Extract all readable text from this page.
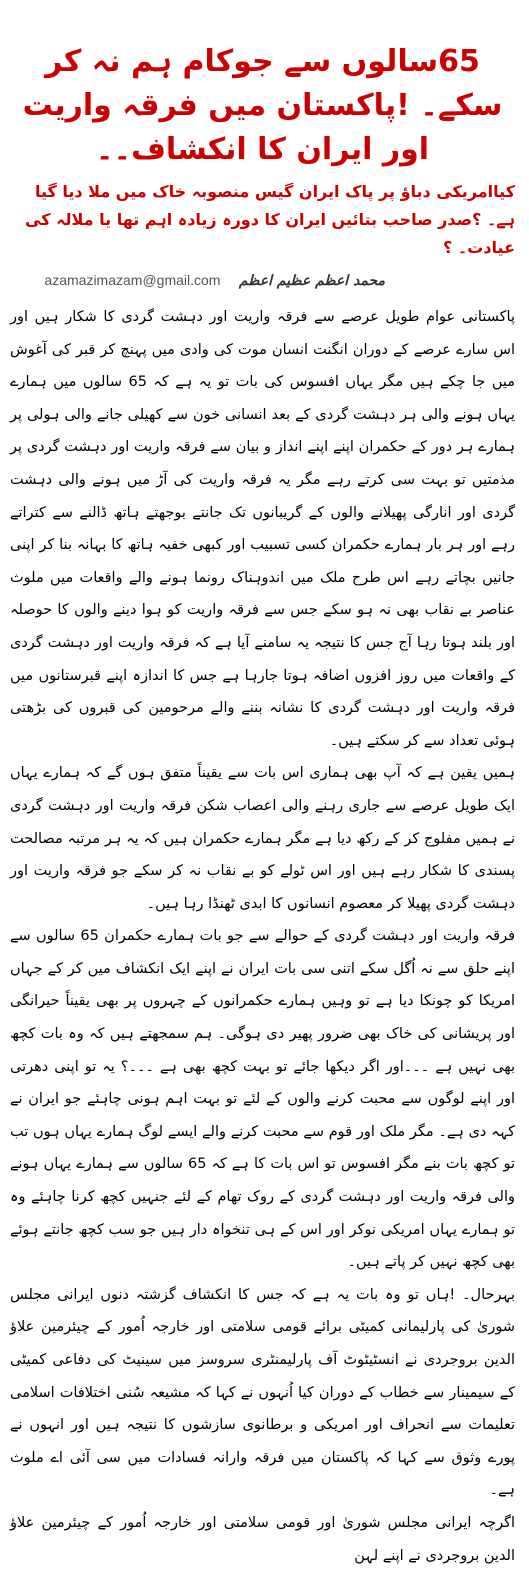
65سالوں سے جوکام ہم نہ کر سکے۔ !پاکستان میں فرقہ واریت اور ایران کا انکشاف۔۔
کیاامریکی دباؤ پر پاک ایران گیس منصوبہ خاک میں ملا دیا گیا ہے۔ ؟صدر صاحب بتائیں ایران کا دورہ زیادہ اہم تھا یا ملالہ کی عیادت۔ ؟
محمد اعظم عظیم اعظم azamazimazam@gmail.com

پاکستانی عوام طویل عرصے سے فرقہ واریت اور دہشت گردی کا شکار ہیں اور اس سارے عرصے کے دوران انگنت انسان موت کی وادی میں پہنچ کر قبر کی آغوش میں جا چکے ہیں مگر یہاں افسوس کی بات تو یہ ہے کہ 65 سالوں میں ہمارے یہاں ہونے والی ہر دہشت گردی کے بعد انسانی خون سے کھیلی جانے والی ہولی پر ہمارے ہر دور کے حکمران اپنے اپنے انداز و بیان سے فرقہ واریت اور دہشت گردی پر مذمتیں تو بہت سی کرتے رہے مگر یہ فرقہ واریت کی آڑ میں ہونے والی دہشت گردی اور انارگی پھیلانے والوں کے گریبانوں تک جانتے بوجھتے ہاتھ ڈالنے سے کتراتے رہے اور ہر بار ہمارے حکمران کسی تسبیب اور کبھی خفیہ ہاتھ کا بہانہ بنا کر اپنی جانیں بچاتے رہے اس طرح ملک میں اندوہناک رونما ہونے والے واقعات میں ملوث عناصر بے نقاب بھی نہ ہو سکے جس سے فرقہ واریت کو ہوا دینے والوں کا حوصلہ اور بلند ہوتا رہا آج جس کا نتیجہ یہ سامنے آیا ہے کہ فرقہ واریت اور دہشت گردی کے واقعات میں روز افزوں اضافہ ہوتا جارہا ہے جس کا اندازہ اپنے قبرستانوں میں فرقہ واریت اور دہشت گردی کا نشانہ بننے والے مرحومین کی قبروں کی بڑھتی ہوئی تعداد سے کر سکتے ہیں۔

ہمیں یقین ہے کہ آپ بھی ہماری اس بات سے یقیناً متفق ہوں گے کہ ہمارے یہاں ایک طویل عرصے سے جاری رہنے والی اعصاب شکن فرقہ واریت اور دہشت گردی نے ہمیں مفلوج کر کے رکھ دیا ہے مگر ہمارے حکمران ہیں کہ یہ ہر مرتبہ مصالحت پسندی کا شکار رہے ہیں اور اس ٹولے کو بے نقاب نہ کر سکے جو فرقہ واریت اور دہشت گردی پھیلا کر معصوم انسانوں کا ابدی ٹھنڈا رہا ہیں۔

فرقہ واریت اور دہشت گردی کے حوالے سے جو بات ہمارے حکمران 65 سالوں سے اپنے حلق سے نہ اُگل سکے اتنی سی بات ایران نے اپنے ایک انکشاف میں کر کے جہاں امریکا کو چونکا دیا ہے تو وہیں ہمارے حکمرانوں کے چہروں پر بھی یقیناً حیرانگی اور پریشانی کی خاک بھی ضرور پھیر دی ہوگی۔ ہم سمجھتے ہیں کہ وہ بات کچھ بھی نہیں ہے ۔۔۔اور اگر دیکھا جائے تو بہت کچھ بھی ہے ۔۔۔؟ یہ تو اپنی دھرتی اور اپنے لوگوں سے محبت کرنے والوں کے لئے تو بہت اہم ہونی چاہئے جو ایران نے کہہ دی ہے۔ مگر ملک اور قوم سے محبت کرنے والے ایسے لوگ ہمارے یہاں ہوں تب تو کچھ بات بنے مگر افسوس تو اس بات کا ہے کہ 65 سالوں سے ہمارے یہاں ہونے والی فرقہ واریت اور دہشت گردی کے روک تھام کے لئے جنہیں کچھ کرنا چاہئے وہ تو ہمارے یہاں امریکی نوکر اور اس کے ہی تنخواہ دار ہیں جو سب کچھ جانتے ہوئے بھی کچھ نہیں کر پاتے ہیں۔

بہرحال۔ !ہاں تو وہ بات یہ ہے کہ جس کا انکشاف گزشتہ دنوں ایرانی مجلس شوریٰ کی پارلیمانی کمیٹی برائے قومی سلامتی اور خارجہ اُمور کے چیئرمین علاؤ الدین بروجردی نے انسٹیٹوٹ آف پارلیمنٹری سروسز میں سینیٹ کی دفاعی کمیٹی کے سیمینار سے خطاب کے دوران کیا اُنہوں نے کہا کہ مشیعہ سُنی اختلافات اسلامی تعلیمات سے انحراف اور امریکی و برطانوی سازشوں کا نتیجہ ہیں اور انہوں نے پورے وثوق سے کہا کہ پاکستان میں فرقہ وارانہ فسادات میں سی آئی اے ملوث ہے۔

اگرچہ ایرانی مجلس شوریٰ اور قومی سلامتی اور خارجہ اُمور کے چیئرمین علاؤ الدین بروجردی نے اپنے لہن
